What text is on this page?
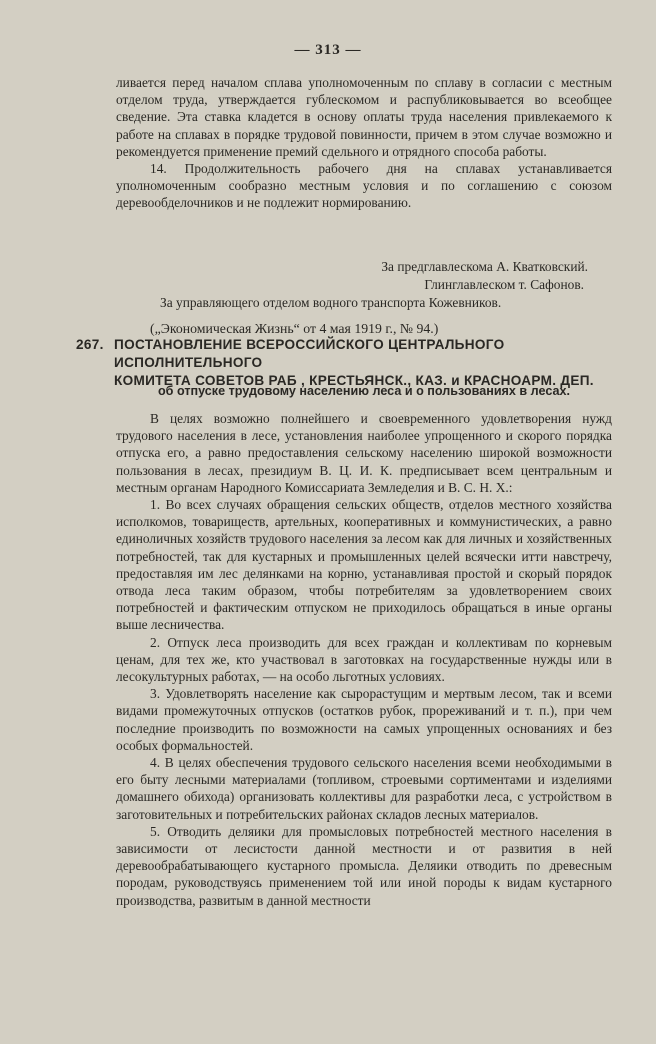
— 313 —

ливается перед началом сплава уполномоченным по сплаву в согласии с местным отделом труда, утверждается гублескомом и распубликовывается во всеобщее сведение. Эта ставка кладется в основу оплаты труда населения привлекаемого к работе на сплавах в порядке трудовой повинности, причем в этом случае возможно и рекомендуется применение премий сдельного и отрядного способа работы.

14. Продолжительность рабочего дня на сплавах устанавливается уполномоченным сообразно местным условия и по соглашению с союзом деревообделочников и не подлежит нормированию.

За предглавлескома А. Кватковский.
Глинглавлеском т. Сафонов.
За управляющего отделом водного транспорта Кожевников.
(„Экономическая Жизнь“ от 4 мая 1919 г., № 94.)
267. ПОСТАНОВЛЕНИЕ ВСЕРОССИЙСКОГО ЦЕНТРАЛЬНОГО ИСПОЛНИТЕЛЬНОГО
КОМИТЕТА СОВЕТОВ РАБ , КРЕСТЬЯНСК., КАЗ. и КРАСНОАРМ. ДЕП.
об отпуске трудовому населению леса и о пользованиях в лесах.

В целях возможно полнейшего и своевременного удовлетворения нужд трудового населения в лесе, установления наиболее упрощенного и скорого порядка отпуска его, а равно предоставления сельскому населению широкой возможности пользования в лесах, президиум В. Ц. И. К. предписывает всем центральным и местным органам Народного Комиссариата Земледелия и В. С. Н. Х.:

1. Во всех случаях обращения сельских обществ, отделов местного хозяйства исполкомов, товариществ, артельных, кооперативных и коммунистических, а равно единоличных хозяйств трудового населения за лесом как для личных и хозяйственных потребностей, так для кустарных и промышленных целей всячески итти навстречу, предоставляя им лес делянками на корню, устанавливая простой и скорый порядок отвода леса таким образом, чтобы потребителям за удовлетворением своих потребностей и фактическим отпуском не приходилось обращаться в иные органы выше лесничества.

2. Отпуск леса производить для всех граждан и коллективам по корневым ценам, для тех же, кто участвовал в заготовках на государственные нужды или в лесокультурных работах, — на особо льготных условиях.

3. Удовлетворять население как сырорастущим и мертвым лесом, так и всеми видами промежуточных отпусков (остатков рубок, прореживаний и т. п.), при чем последние производить по возможности на самых упрощенных основаниях и без особых формальностей.

4. В целях обеспечения трудового сельского населения всеми необходимыми в его быту лесными материалами (топливом, строевыми сортиментами и изделиями домашнего обихода) организовать коллективы для разработки леса, с устройством в заготовительных и потребительских районах складов лесных материалов.

5. Отводить деляики для промысловых потребностей местного населения в зависимости от лесистости данной местности и от развития в ней деревообрабатывающего кустарного промысла. Деляики отводить по древесным породам, руководствуясь применением той или иной породы к видам кустарного производства, развитым в данной местности
